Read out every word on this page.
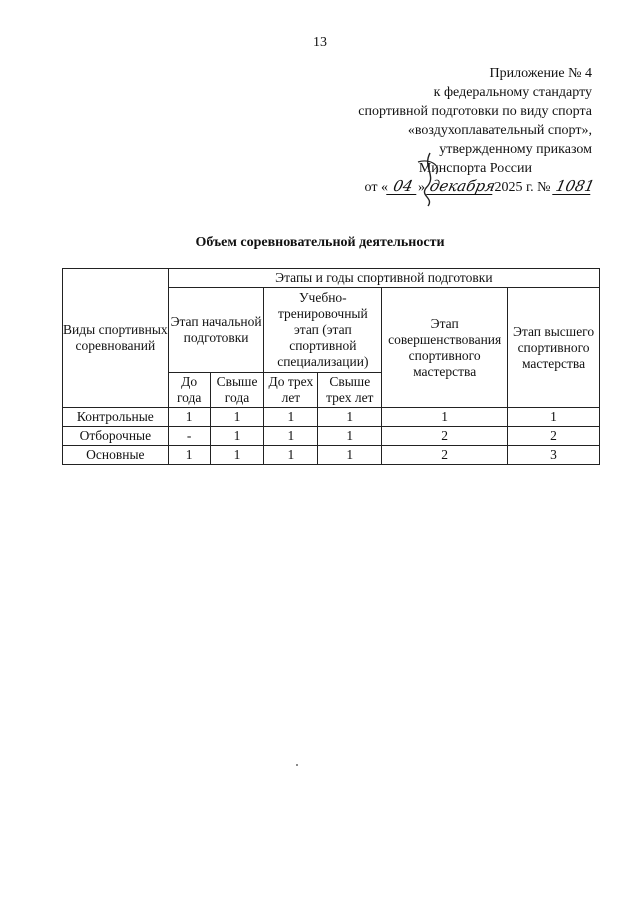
13
Приложение № 4
к федеральному стандарту
спортивной подготовки по виду спорта
«воздухоплавательный спорт»,
утвержденному приказом
Минспорта России
от « 04 » декабря2025 г. № 1081
Объем соревновательной деятельности
Виды спортивных соревнований	Этапы и годы спортивной подготовки					
	Этап начальной подготовки		Учебно-тренировочный этап (этап спортивной специализации)		Этап совершенствования спортивного мастерства	Этап высшего спортивного мастерства
	До года	Свыше года	До трех лет	Свыше трех лет		
Контрольные	1	1	1	1	1	1
Отборочные	-	1	1	1	2	2
Основные	1	1	1	1	2	3
